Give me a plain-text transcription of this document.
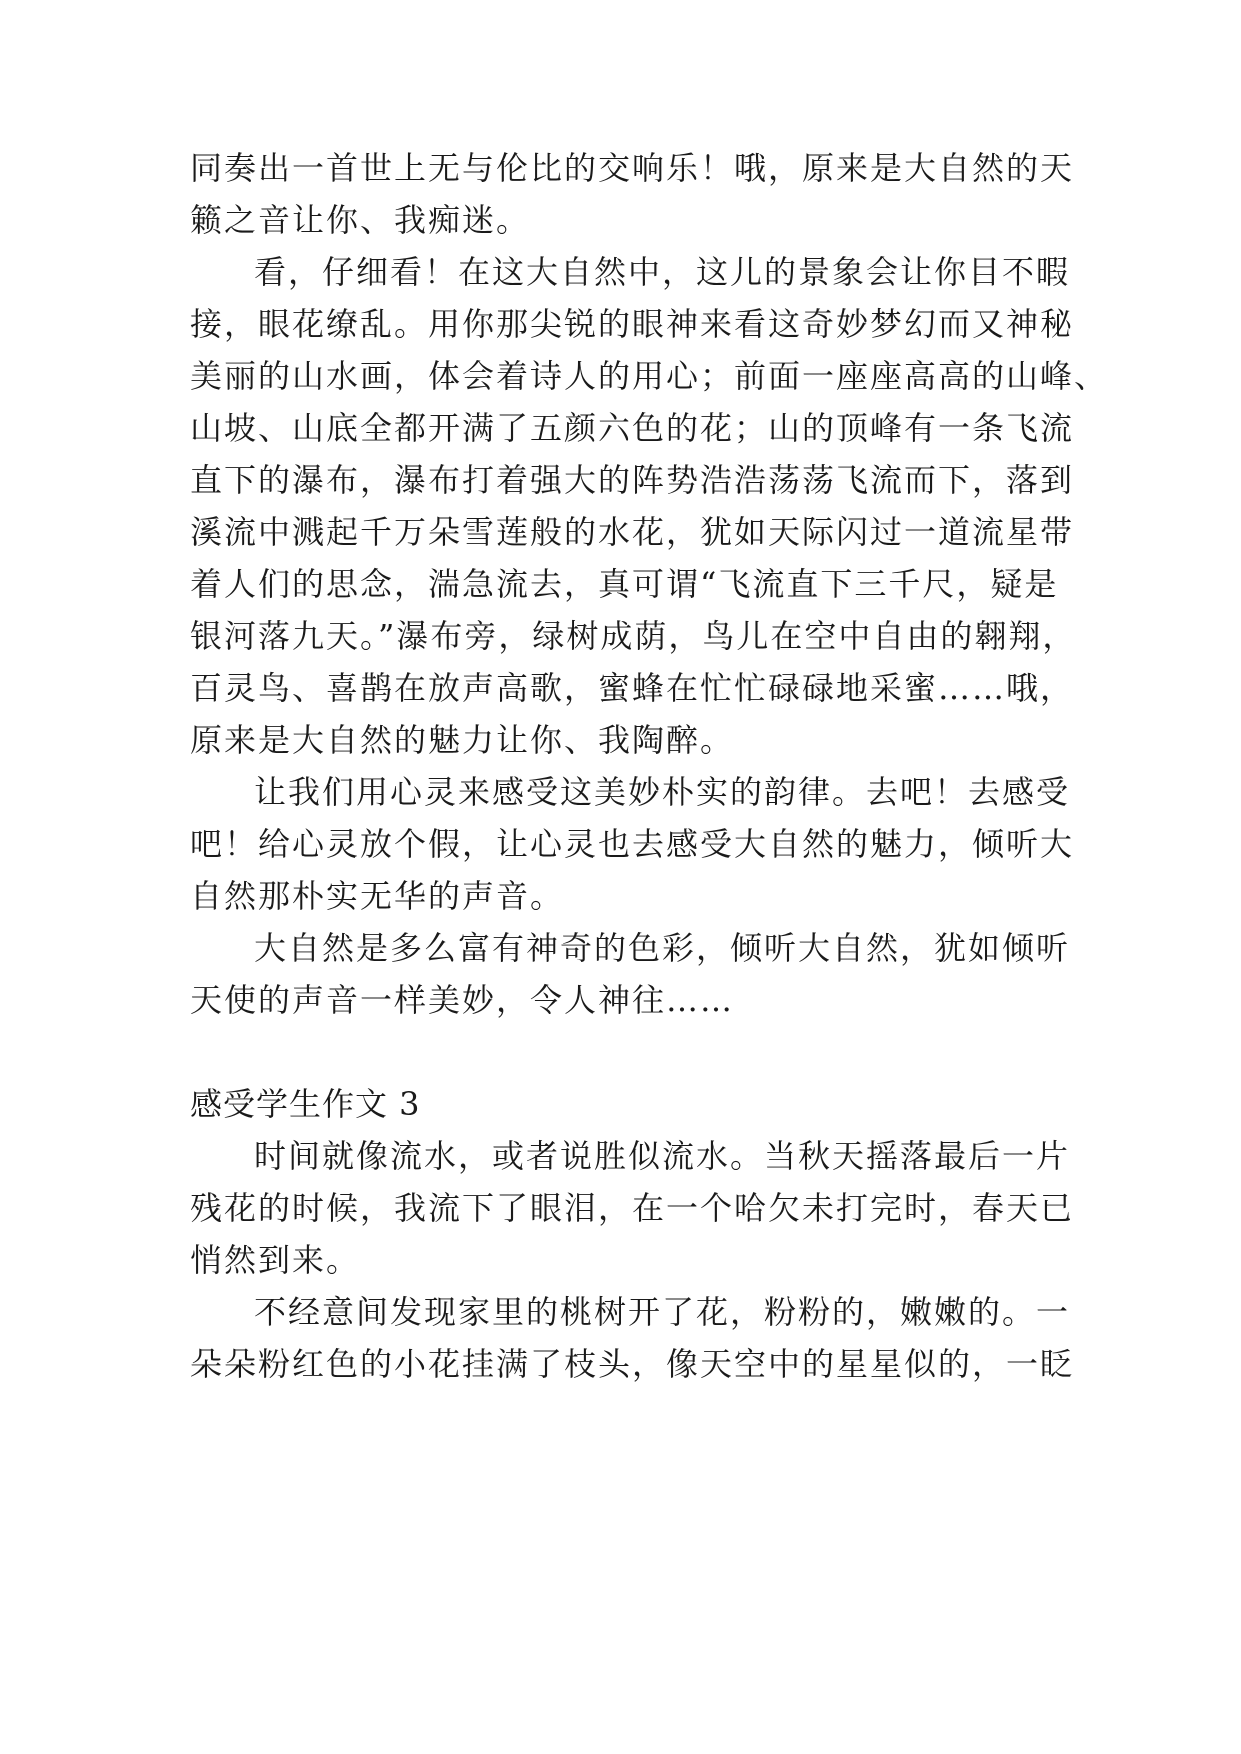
同奏出一首世上无与伦比的交响乐！哦，原来是大自然的天

籁之音让你、我痴迷。

看，仔细看！在这大自然中，这儿的景象会让你目不暇

接，眼花缭乱。用你那尖锐的眼神来看这奇妙梦幻而又神秘

美丽的山水画，体会着诗人的用心；前面一座座高高的山峰、

山坡、山底全都开满了五颜六色的花；山的顶峰有一条飞流

直下的瀑布，瀑布打着强大的阵势浩浩荡荡飞流而下，落到

溪流中溅起千万朵雪莲般的水花，犹如天际闪过一道流星带

着人们的思念，湍急流去，真可谓“飞流直下三千尺，疑是

银河落九天。”瀑布旁，绿树成荫，鸟儿在空中自由的翱翔，

百灵鸟、喜鹊在放声高歌，蜜蜂在忙忙碌碌地采蜜……哦，

原来是大自然的魅力让你、我陶醉。

让我们用心灵来感受这美妙朴实的韵律。去吧！去感受

吧！给心灵放个假，让心灵也去感受大自然的魅力，倾听大

自然那朴实无华的声音。

大自然是多么富有神奇的色彩，倾听大自然，犹如倾听

天使的声音一样美妙，令人神往……

感受学生作文 3

时间就像流水，或者说胜似流水。当秋天摇落最后一片

残花的时候，我流下了眼泪，在一个哈欠未打完时，春天已

悄然到来。

不经意间发现家里的桃树开了花，粉粉的，嫩嫩的。一

朵朵粉红色的小花挂满了枝头，像天空中的星星似的，一眨
